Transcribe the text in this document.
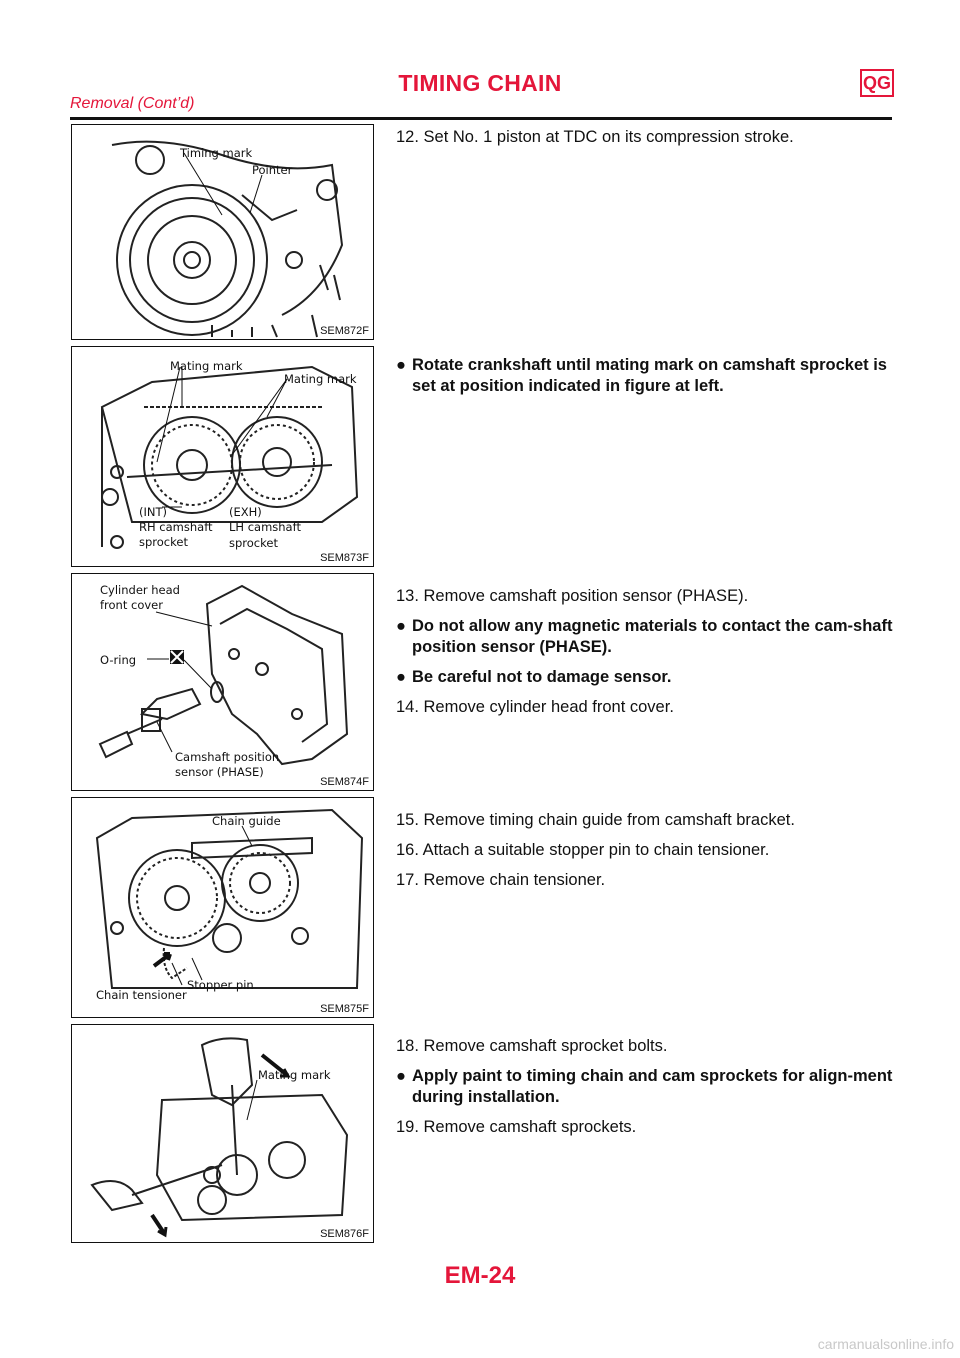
TIMING CHAIN	QG
Removal (Cont’d)
Timing mark
Pointer
SEM872F
Mating mark
Mating mark
(INT)
RH camshaft
sprocket
(EXH)
LH camshaft
sprocket
SEM873F
Cylinder head
front cover
O-ring
Camshaft position
sensor (PHASE)
SEM874F
Chain guide
Chain tensioner
Stopper pin
SEM875F
Mating mark
SEM876F

12. Set No. 1 piston at TDC on its compression stroke.

● Rotate crankshaft until mating mark on camshaft sprocket is set at position indicated in figure at left.

13. Remove camshaft position sensor (PHASE).

● Do not allow any magnetic materials to contact the cam-shaft position sensor (PHASE).
● Be careful not to damage sensor.

14. Remove cylinder head front cover.

15. Remove timing chain guide from camshaft bracket.

16. Attach a suitable stopper pin to chain tensioner.

17. Remove chain tensioner.

18. Remove camshaft sprocket bolts.

● Apply paint to timing chain and cam sprockets for align-ment during installation.

19. Remove camshaft sprockets.

EM-24
carmanualsonline.info
